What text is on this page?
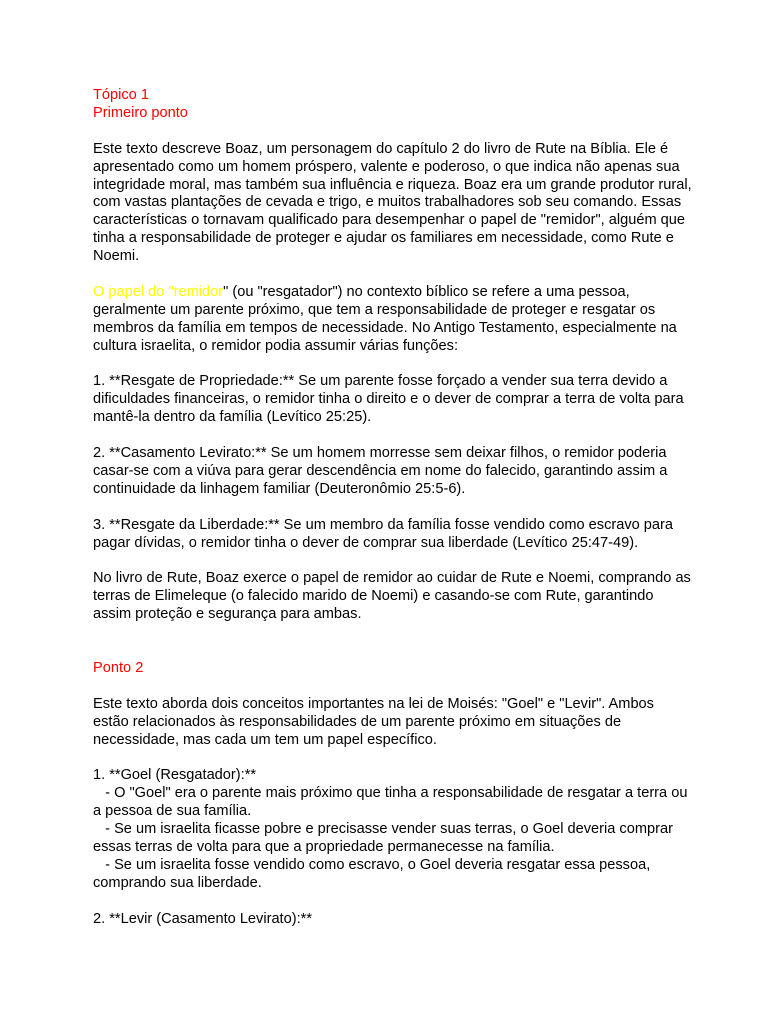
Tópico 1

Primeiro ponto

Este texto descreve Boaz, um personagem do capítulo 2 do livro de Rute na Bíblia. Ele é

apresentado como um homem próspero, valente e poderoso, o que indica não apenas sua

integridade moral, mas também sua influência e riqueza. Boaz era um grande produtor rural,

com vastas plantações de cevada e trigo, e muitos trabalhadores sob seu comando. Essas

características o tornavam qualificado para desempenhar o papel de "remidor", alguém que

tinha a responsabilidade de proteger e ajudar os familiares em necessidade, como Rute e

Noemi.

O papel do "remidor" (ou "resgatador") no contexto bíblico se refere a uma pessoa,

geralmente um parente próximo, que tem a responsabilidade de proteger e resgatar os

membros da família em tempos de necessidade. No Antigo Testamento, especialmente na

cultura israelita, o remidor podia assumir várias funções:

1. **Resgate de Propriedade:** Se um parente fosse forçado a vender sua terra devido a

dificuldades financeiras, o remidor tinha o direito e o dever de comprar a terra de volta para

mantê-la dentro da família (Levítico 25:25).

2. **Casamento Levirato:** Se um homem morresse sem deixar filhos, o remidor poderia

casar-se com a viúva para gerar descendência em nome do falecido, garantindo assim a

continuidade da linhagem familiar (Deuteronômio 25:5-6).

3. **Resgate da Liberdade:** Se um membro da família fosse vendido como escravo para

pagar dívidas, o remidor tinha o dever de comprar sua liberdade (Levítico 25:47-49).

No livro de Rute, Boaz exerce o papel de remidor ao cuidar de Rute e Noemi, comprando as

terras de Elimeleque (o falecido marido de Noemi) e casando-se com Rute, garantindo

assim proteção e segurança para ambas.

Ponto 2

Este texto aborda dois conceitos importantes na lei de Moisés: "Goel" e "Levir". Ambos

estão relacionados às responsabilidades de um parente próximo em situações de

necessidade, mas cada um tem um papel específico.

1. **Goel (Resgatador):**

- O "Goel" era o parente mais próximo que tinha a responsabilidade de resgatar a terra ou

a pessoa de sua família.

- Se um israelita ficasse pobre e precisasse vender suas terras, o Goel deveria comprar

essas terras de volta para que a propriedade permanecesse na família.

- Se um israelita fosse vendido como escravo, o Goel deveria resgatar essa pessoa,

comprando sua liberdade.

2. **Levir (Casamento Levirato):**
